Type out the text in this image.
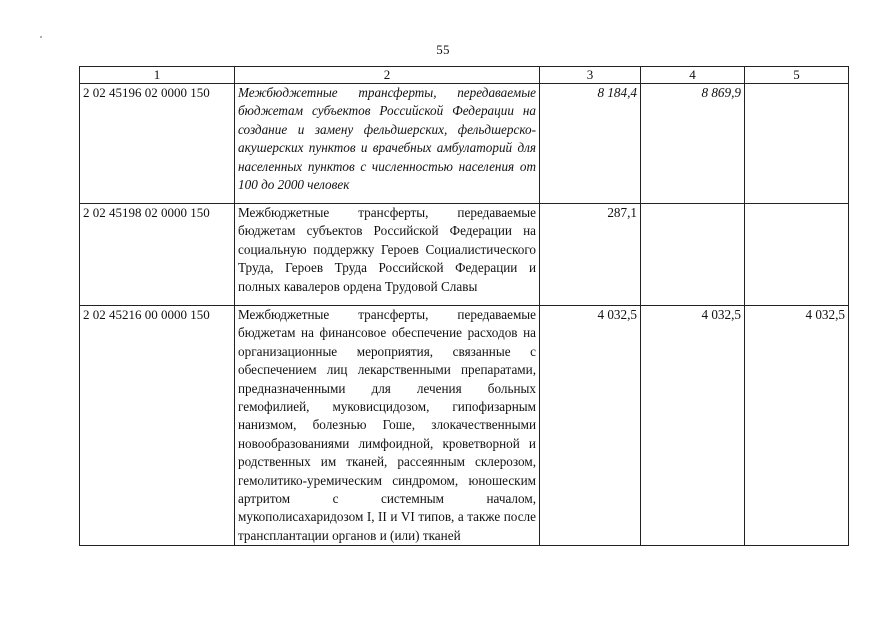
55
1	2	3	4	5
2 02 45196 02 0000 150	Межбюджетные трансферты, передаваемые бюджетам субъектов Российской Федерации на создание и замену фельдшерских, фельдшерско-акушерских пунктов и врачебных амбулаторий для населенных пунктов с численностью населения от 100 до 2000 человек	8 184,4	8 869,9	
2 02 45198 02 0000 150	Межбюджетные трансферты, передаваемые бюджетам субъектов Российской Федерации на социальную поддержку Героев Социалистического Труда, Героев Труда Российской Федерации и полных кавалеров ордена Трудовой Славы	287,1		
2 02 45216 00 0000 150	Межбюджетные трансферты, передаваемые бюджетам на финансовое обеспечение расходов на организационные мероприятия, связанные с обеспечением лиц лекарственными препаратами, предназначенными для лечения больных гемофилией, муковисцидозом, гипофизарным нанизмом, болезнью Гоше, злокачественными новообразованиями лимфоидной, кроветворной и родственных им тканей, рассеянным склерозом, гемолитико-уремическим синдромом, юношеским артритом с системным началом, мукополисахаридозом I, II и VI типов, а также после трансплантации органов и (или) тканей	4 032,5	4 032,5	4 032,5
